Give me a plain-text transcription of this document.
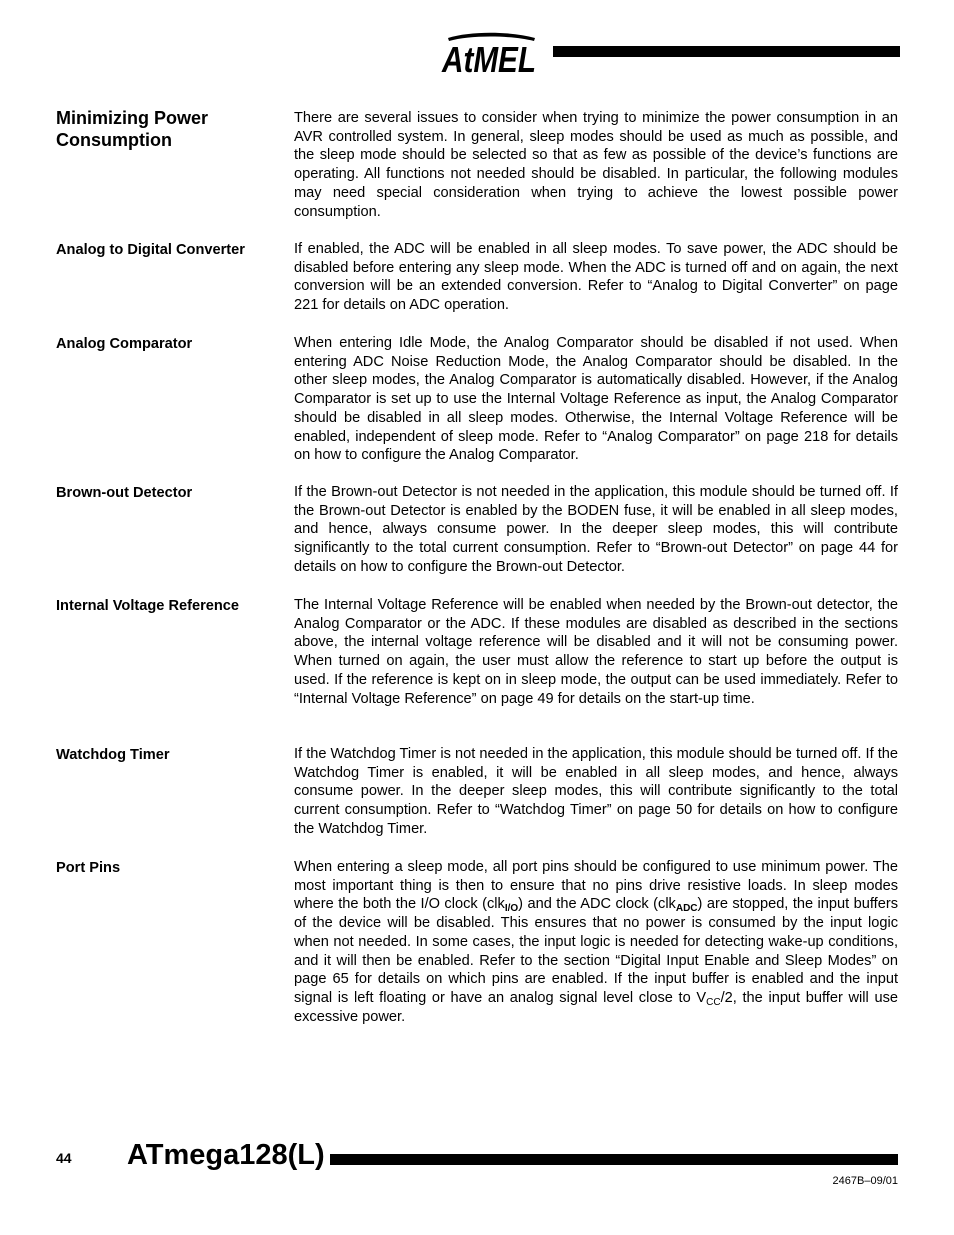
AtMEL
Minimizing Power Consumption

There are several issues to consider when trying to minimize the power consumption in an AVR controlled system. In general, sleep modes should be used as much as possible, and the sleep mode should be selected so that as few as possible of the device’s functions are operating. All functions not needed should be disabled. In particular, the following modules may need special consideration when trying to achieve the lowest possible power consumption.

Analog to Digital Converter	If enabled, the ADC will be enabled in all sleep modes. To save power, the ADC should be disabled before entering any sleep mode. When the ADC is turned off and on again, the next conversion will be an extended conversion. Refer to “Analog to Digital Converter” on page 221 for details on ADC operation.

Analog Comparator	When entering Idle Mode, the Analog Comparator should be disabled if not used. When entering ADC Noise Reduction Mode, the Analog Comparator should be disabled. In the other sleep modes, the Analog Comparator is automatically disabled. However, if the Analog Comparator is set up to use the Internal Voltage Reference as input, the Analog Comparator should be disabled in all sleep modes. Otherwise, the Internal Voltage Reference will be enabled, independent of sleep mode. Refer to “Analog Comparator” on page 218 for details on how to configure the Analog Comparator.

Brown-out Detector	If the Brown-out Detector is not needed in the application, this module should be turned off. If the Brown-out Detector is enabled by the BODEN fuse, it will be enabled in all sleep modes, and hence, always consume power. In the deeper sleep modes, this will contribute significantly to the total current consumption. Refer to “Brown-out Detector” on page 44 for details on how to configure the Brown-out Detector.

Internal Voltage Reference	The Internal Voltage Reference will be enabled when needed by the Brown-out detector, the Analog Comparator or the ADC. If these modules are disabled as described in the sections above, the internal voltage reference will be disabled and it will not be consuming power. When turned on again, the user must allow the reference to start up before the output is used. If the reference is kept on in sleep mode, the output can be used immediately. Refer to “Internal Voltage Reference” on page 49 for details on the start-up time.

Watchdog Timer	If the Watchdog Timer is not needed in the application, this module should be turned off. If the Watchdog Timer is enabled, it will be enabled in all sleep modes, and hence, always consume power. In the deeper sleep modes, this will contribute significantly to the total current consumption. Refer to “Watchdog Timer” on page 50 for details on how to configure the Watchdog Timer.

Port Pins	When entering a sleep mode, all port pins should be configured to use minimum power. The most important thing is then to ensure that no pins drive resistive loads. In sleep modes where the both the I/O clock (clk$_{I/O}$) and the ADC clock (clk$_{ADC}$) are stopped, the input buffers of the device will be disabled. This ensures that no power is consumed by the input logic when not needed. In some cases, the input logic is needed for detecting wake-up conditions, and it will then be enabled. Refer to the section “Digital Input Enable and Sleep Modes” on page 65 for details on which pins are enabled. If the input buffer is enabled and the input signal is left floating or have an analog signal level close to $V_{CC}/2$, the input buffer will use excessive power.

44 ATmega128(L)
2467B–09/01
